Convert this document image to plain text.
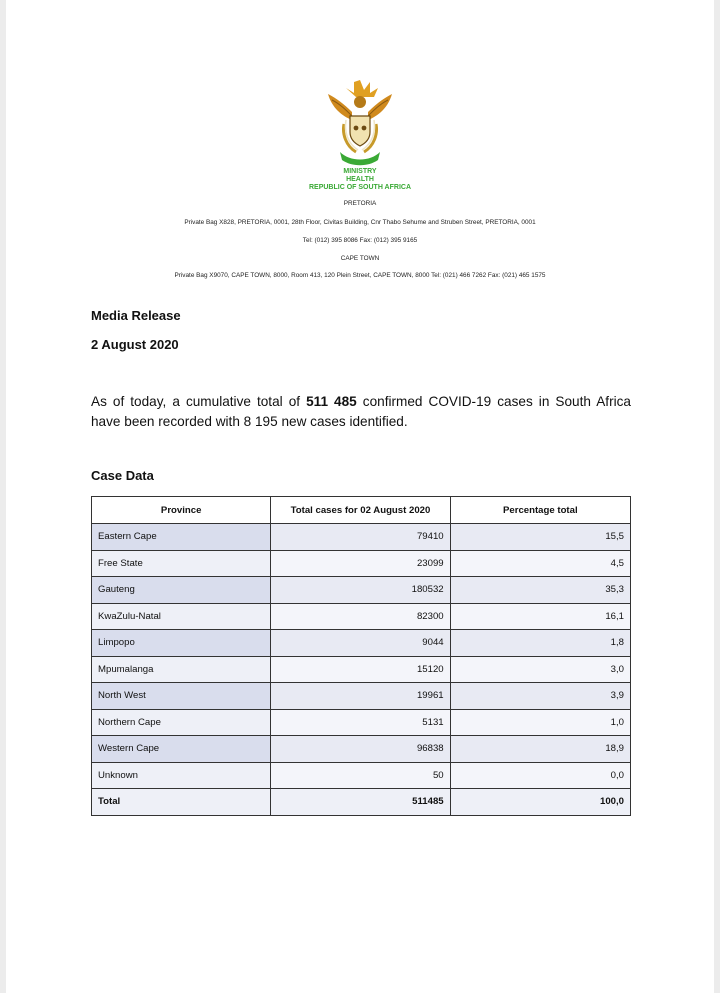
MINISTRY
HEALTH
REPUBLIC OF SOUTH AFRICA
PRETORIA
Private Bag X828, PRETORIA, 0001, 28th Floor, Civitas Building, Cnr Thabo Sehume and Struben Street, PRETORIA, 0001
Tel: (012) 395 8086 Fax: (012) 395 9165
CAPE TOWN
Private Bag X9070, CAPE TOWN, 8000, Room 413, 120 Plein Street, CAPE TOWN, 8000 Tel: (021) 466 7262 Fax: (021) 465 1575
Media Release
2 August 2020
As of today, a cumulative total of 511 485 confirmed COVID-19 cases in South Africa have been recorded with 8 195 new cases identified.
Case Data
Province	Total cases for 02 August 2020	Percentage total
Eastern Cape	79410	15,5
Free State	23099	4,5
Gauteng	180532	35,3
KwaZulu-Natal	82300	16,1
Limpopo	9044	1,8
Mpumalanga	15120	3,0
North West	19961	3,9
Northern Cape	5131	1,0
Western Cape	96838	18,9
Unknown	50	0,0
Total	511485	100,0
